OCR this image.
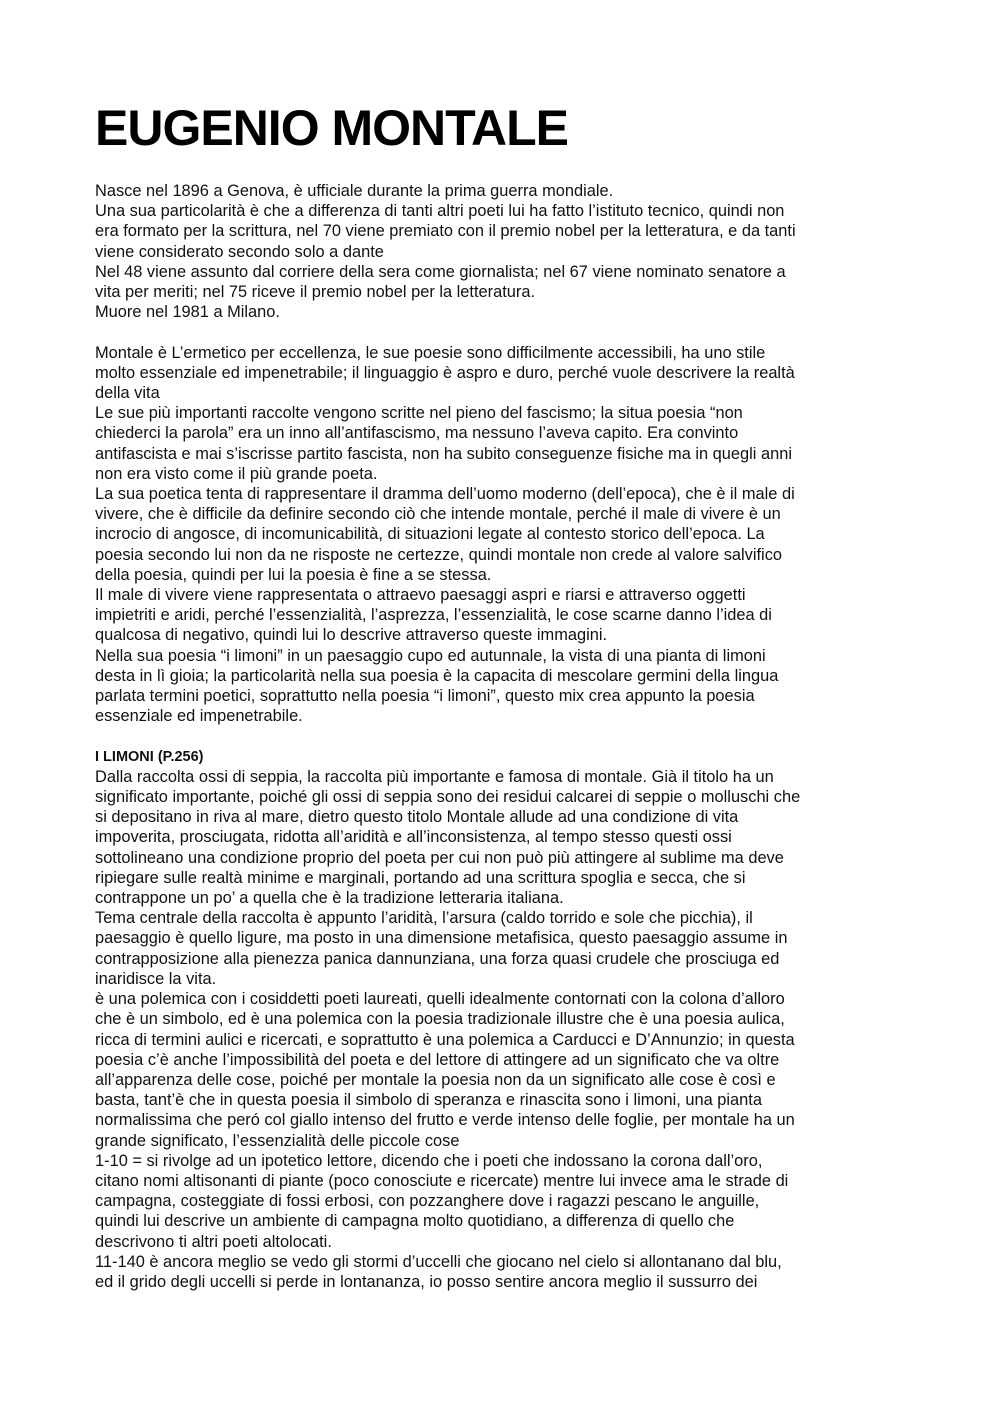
EUGENIO MONTALE
Nasce nel 1896 a Genova, è ufficiale durante la prima guerra mondiale.
Una sua particolarità è che a differenza di tanti altri poeti lui ha fatto l’istituto tecnico, quindi non
era formato per la scrittura, nel 70 viene premiato con il premio nobel per la letteratura, e da tanti
viene considerato secondo solo a dante
Nel 48 viene assunto dal corriere della sera come giornalista; nel 67 viene nominato senatore a
vita per meriti; nel 75 riceve il premio nobel per la letteratura.
Muore nel 1981 a Milano.
Montale è L’ermetico per eccellenza, le sue poesie sono difficilmente accessibili, ha uno stile
molto essenziale ed impenetrabile; il linguaggio è aspro e duro, perché vuole descrivere la realtà
della vita
Le sue più importanti raccolte vengono scritte nel pieno del fascismo; la situa poesia “non
chiederci la parola” era un inno all’antifascismo, ma nessuno l’aveva capito. Era convinto
antifascista e mai s’iscrisse partito fascista, non ha subito conseguenze fisiche ma in quegli anni
non era visto come il più grande poeta.
La sua poetica tenta di rappresentare il dramma dell’uomo moderno (dell’epoca), che è il male di
vivere, che è difficile da definire secondo ciò che intende montale, perché il male di vivere è un
incrocio di angosce, di incomunicabilità, di situazioni legate al contesto storico dell’epoca. La
poesia secondo lui non da ne risposte ne certezze, quindi montale non crede al valore salvifico
della poesia, quindi per lui la poesia è fine a se stessa.
Il male di vivere viene rappresentata o attraevo paesaggi aspri e riarsi e attraverso oggetti
impietriti e aridi, perché l’essenzialità, l’asprezza, l’essenzialità, le cose scarne danno l’idea di
qualcosa di negativo, quindi lui lo descrive attraverso queste immagini.
Nella sua poesia “i limoni” in un paesaggio cupo ed autunnale, la vista di una pianta di limoni
desta in lì gioia; la particolarità nella sua poesia è la capacita di mescolare germini della lingua
parlata termini poetici, soprattutto nella poesia “i limoni”, questo mix crea appunto la poesia
essenziale ed impenetrabile.
I LIMONI (P.256)
Dalla raccolta ossi di seppia, la raccolta più importante e famosa di montale. Già il titolo ha un
significato importante, poiché gli ossi di seppia sono dei residui calcarei di seppie o molluschi che
si depositano in riva al mare, dietro questo titolo Montale allude ad una condizione di vita
impoverita, prosciugata, ridotta all’aridità e all’inconsistenza, al tempo stesso questi ossi
sottolineano una condizione proprio del poeta per cui non può più attingere al sublime ma deve
ripiegare sulle realtà minime e marginali, portando ad una scrittura spoglia e secca, che si
contrappone un po’ a quella che è la tradizione letteraria italiana.
Tema centrale della raccolta è appunto l’aridità, l’arsura (caldo torrido e sole che picchia), il
paesaggio è quello ligure, ma posto in una dimensione metafisica, questo paesaggio assume in
contrapposizione alla pienezza panica dannunziana, una forza quasi crudele che prosciuga ed
inaridisce la vita.
è una polemica con i cosiddetti poeti laureati, quelli idealmente contornati con la colona d’alloro
che è un simbolo, ed è una polemica con la poesia tradizionale illustre che è una poesia aulica,
ricca di termini aulici e ricercati, e soprattutto è una polemica a Carducci e D’Annunzio; in questa
poesia c’è anche l’impossibilità del poeta e del lettore di attingere ad un significato che va oltre
all’apparenza delle cose, poiché per montale la poesia non da un significato alle cose è così e
basta, tant’è che in questa poesia il simbolo di speranza e rinascita sono i limoni, una pianta
normalissima che peró col giallo intenso del frutto e verde intenso delle foglie, per montale ha un
grande significato, l’essenzialità delle piccole cose
1-10 = si rivolge ad un ipotetico lettore, dicendo che i poeti che indossano la corona dall’oro,
citano nomi altisonanti di piante (poco conosciute e ricercate) mentre lui invece ama le strade di
campagna, costeggiate di fossi erbosi, con pozzanghere dove i ragazzi pescano le anguille,
quindi lui descrive un ambiente di campagna molto quotidiano, a differenza di quello che
descrivono ti altri poeti altolocati.
11-140 è ancora meglio se vedo gli stormi d’uccelli che giocano nel cielo si allontanano dal blu,
ed il grido degli uccelli si perde in lontananza, io posso sentire ancora meglio il sussurro dei
